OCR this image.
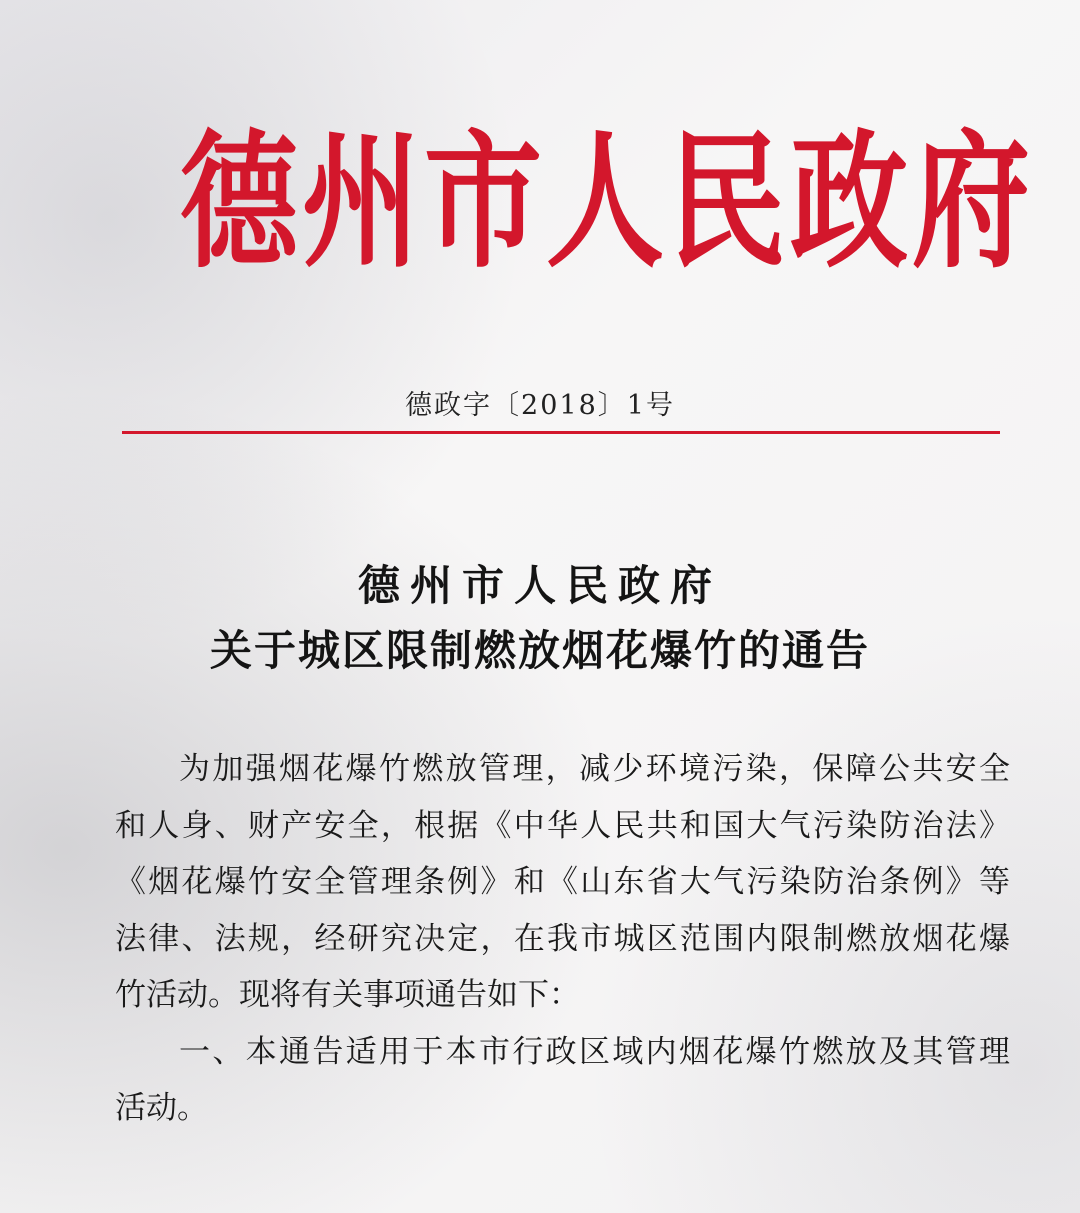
德州市人民政府
德政字〔2018〕1号
德州市人民政府
关于城区限制燃放烟花爆竹的通告
为加强烟花爆竹燃放管理，减少环境污染，保障公共安全
和人身、财产安全，根据《中华人民共和国大气污染防治法》
《烟花爆竹安全管理条例》和《山东省大气污染防治条例》等
法律、法规，经研究决定，在我市城区范围内限制燃放烟花爆
竹活动。现将有关事项通告如下：
一、本通告适用于本市行政区域内烟花爆竹燃放及其管理
活动。
